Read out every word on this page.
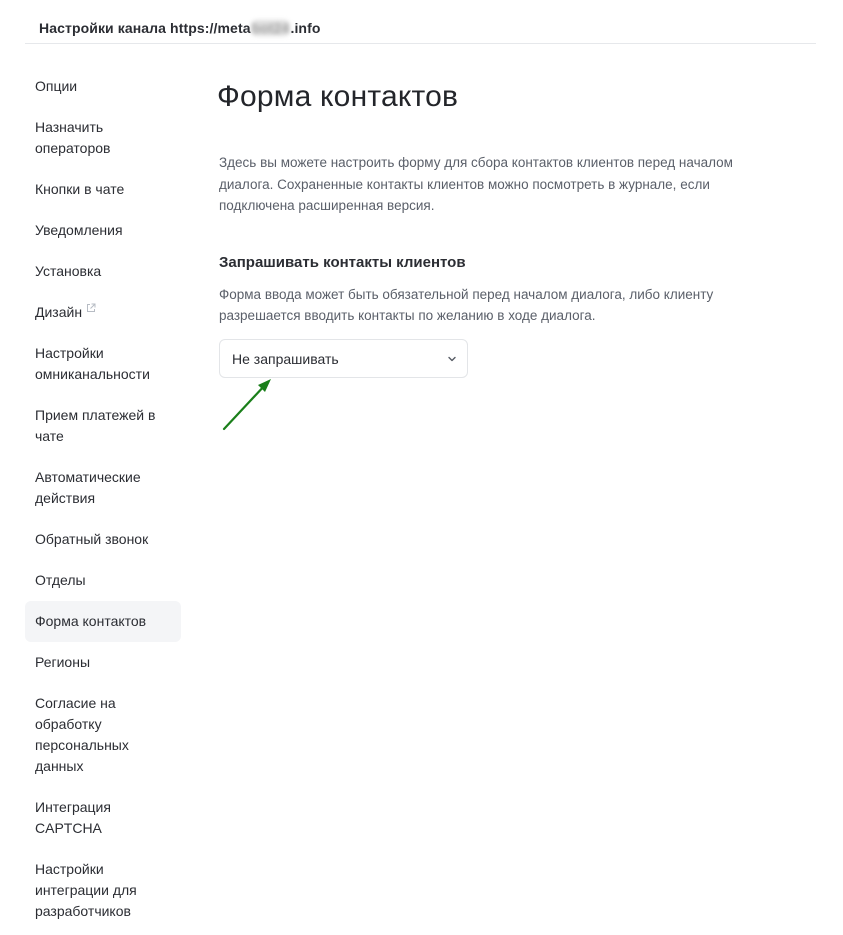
Настройки канала https://metabot24.info
Опции
Назначить операторов
Кнопки в чате
Уведомления
Установка
Дизайн
Настройки омниканальности
Прием платежей в чате
Автоматические действия
Обратный звонок
Отделы
Форма контактов
Регионы
Согласие на обработку персональных данных
Интеграция CAPTCHA
Настройки интеграции для разработчиков
Форма контактов
Здесь вы можете настроить форму для сбора контактов клиентов перед началом диалога. Сохраненные контакты клиентов можно посмотреть в журнале, если подключена расширенная версия.
Запрашивать контакты клиентов
Форма ввода может быть обязательной перед началом диалога, либо клиенту разрешается вводить контакты по желанию в ходе диалога.
Не запрашивать
